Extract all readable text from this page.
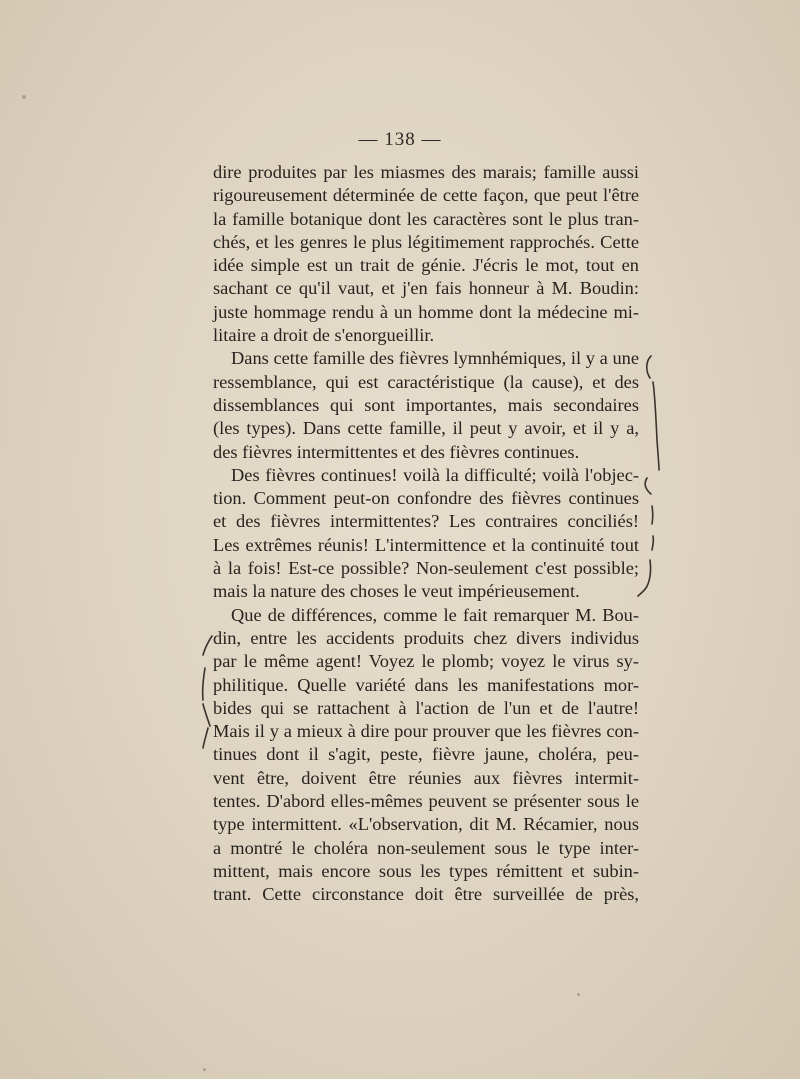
— 138 —
dire produites par les miasmes des marais; famille aussi
rigoureusement déterminée de cette façon, que peut l'être
la famille botanique dont les caractères sont le plus tran-
chés, et les genres le plus légitimement rapprochés. Cette
idée simple est un trait de génie. J'écris le mot, tout en
sachant ce qu'il vaut, et j'en fais honneur à M. Boudin:
juste hommage rendu à un homme dont la médecine mi-
litaire a droit de s'enorgueillir.
Dans cette famille des fièvres lymnhémiques, il y a une
ressemblance, qui est caractéristique (la cause), et des
dissemblances qui sont importantes, mais secondaires
(les types). Dans cette famille, il peut y avoir, et il y a,
des fièvres intermittentes et des fièvres continues.
Des fièvres continues! voilà la difficulté; voilà l'objec-
tion. Comment peut-on confondre des fièvres continues
et des fièvres intermittentes? Les contraires conciliés!
Les extrêmes réunis! L'intermittence et la continuité tout
à la fois! Est-ce possible? Non-seulement c'est possible;
mais la nature des choses le veut impérieusement.
Que de différences, comme le fait remarquer M. Bou-
din, entre les accidents produits chez divers individus
par le même agent! Voyez le plomb; voyez le virus sy-
philitique. Quelle variété dans les manifestations mor-
bides qui se rattachent à l'action de l'un et de l'autre!
Mais il y a mieux à dire pour prouver que les fièvres con-
tinues dont il s'agit, peste, fièvre jaune, choléra, peu-
vent être, doivent être réunies aux fièvres intermit-
tentes. D'abord elles-mêmes peuvent se présenter sous le
type intermittent. «L'observation, dit M. Récamier, nous
a montré le choléra non-seulement sous le type inter-
mittent, mais encore sous les types rémittent et subin-
trant. Cette circonstance doit être surveillée de près,
